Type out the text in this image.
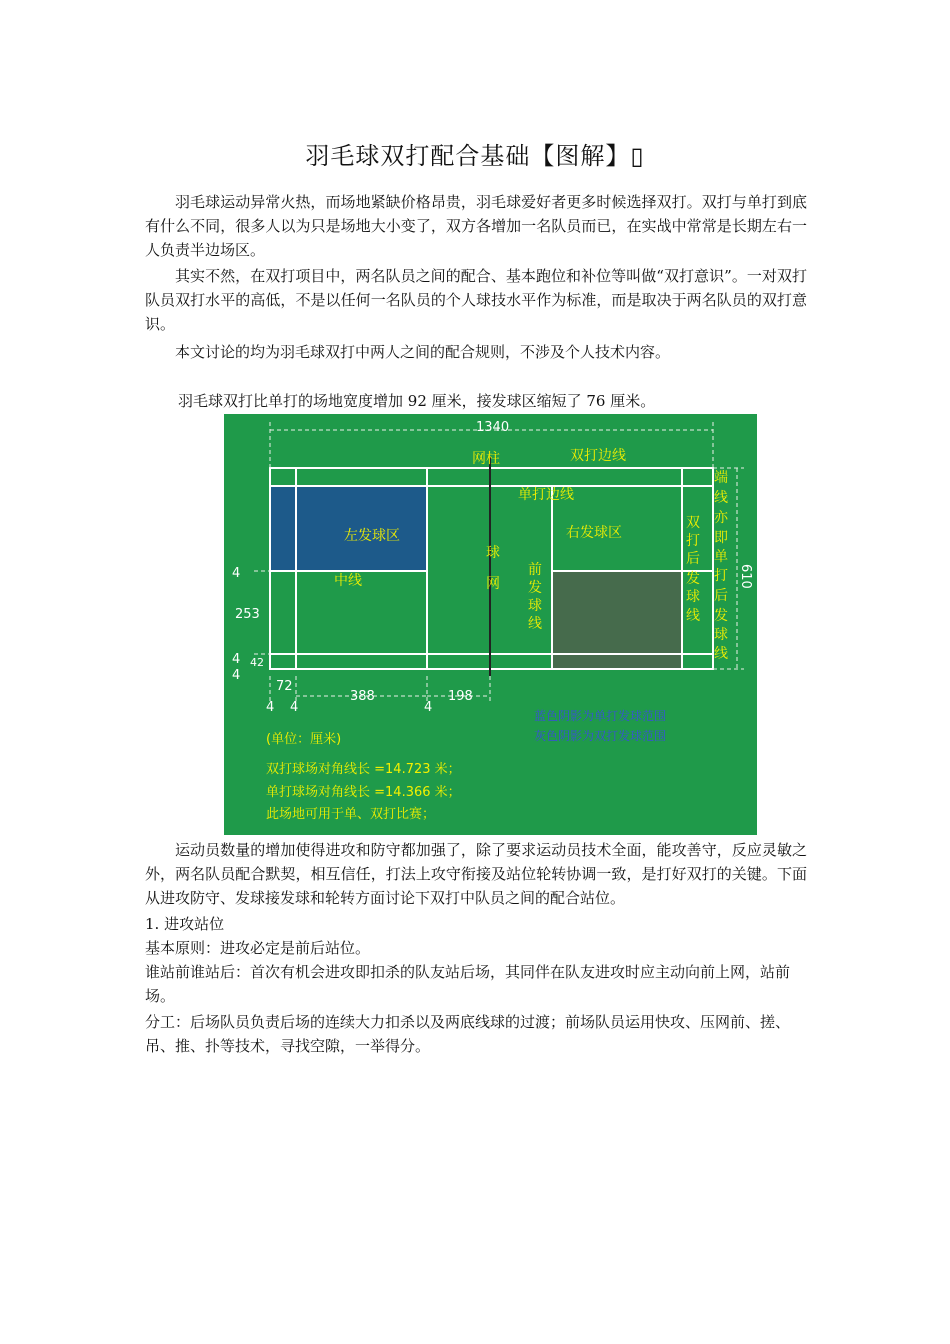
羽毛球双打配合基础【图解】▯

羽毛球运动异常火热，而场地紧缺价格昂贵，羽毛球爱好者更多时候选择双打。双打与单打到底有什么不同，很多人以为只是场地大小变了，双方各增加一名队员而已，在实战中常常是长期左右一人负责半边场区。

其实不然，在双打项目中，两名队员之间的配合、基本跑位和补位等叫做“双打意识”。一对双打队员双打水平的高低，不是以任何一名队员的个人球技水平作为标准，而是取决于两名队员的双打意识。

本文讨论的均为羽毛球双打中两人之间的配合规则，不涉及个人技术内容。

羽毛球双打比单打的场地宽度增加 92 厘米，接发球区缩短了 76 厘米。
1340
610
4
253
4 42
4
72
4 4
388
4
198
网柱	双打边线
单打边线
左发球区	右发球区
中线
球
网
前
发
球
线
双
打
后
发
球
线
端
线
亦
即
单
打
后
发
球
线
蓝色阴影为单打发球范围
灰色阴影为双打发球范围
(单位：厘米)
双打球场对角线长 =14.723 米；
单打球场对角线长 =14.366 米；
此场地可用于单、双打比赛；

运动员数量的增加使得进攻和防守都加强了，除了要求运动员技术全面，能攻善守，反应灵敏之外，两名队员配合默契，相互信任，打法上攻守衔接及站位轮转协调一致，是打好双打的关键。下面从进攻防守、发球接发球和轮转方面讨论下双打中队员之间的配合站位。

1. 进攻站位

基本原则：进攻必定是前后站位。

谁站前谁站后：首次有机会进攻即扣杀的队友站后场，其同伴在队友进攻时应主动向前上网，站前场。

分工：后场队员负责后场的连续大力扣杀以及两底线球的过渡；前场队员运用快攻、压网前、搓、吊、推、扑等技术，寻找空隙，一举得分。
